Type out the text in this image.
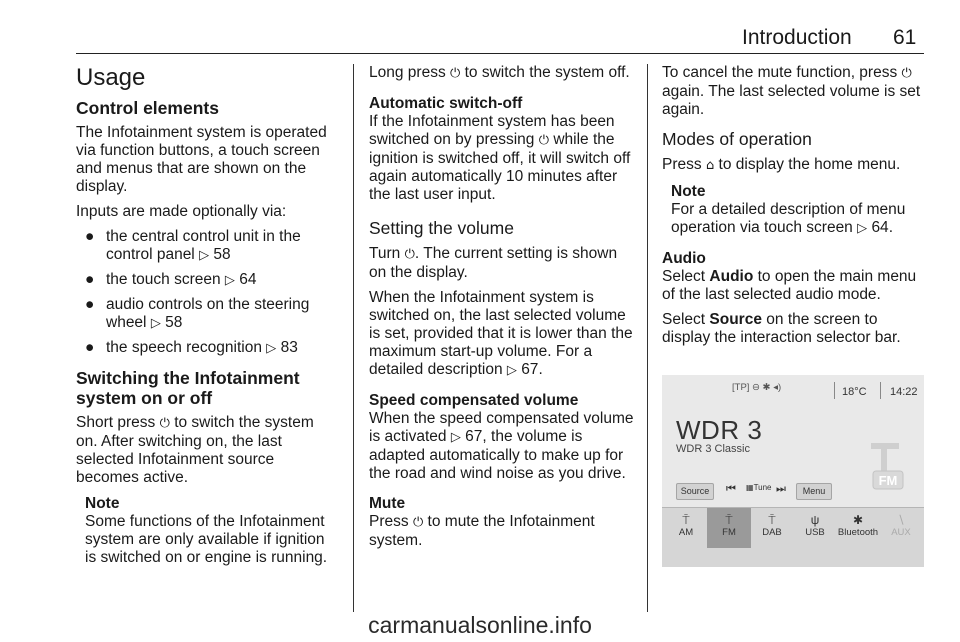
Introduction 61
Usage
Control elements

The Infotainment system is operated via function buttons, a touch screen and menus that are shown on the display.

Inputs are made optionally via:

● the central control unit in the control panel ▷ 58
● the touch screen ▷ 64
● audio controls on the steering wheel ▷ 58
● the speech recognition ▷ 83
Switching the Infotainment system on or off

Short press ⏻ to switch the system on. After switching on, the last selected Infotainment source becomes active.

Note
Some functions of the Infotainment system are only available if ignition is switched on or engine is running.

Long press ⏻ to switch the system off.

Automatic switch-off

If the Infotainment system has been switched on by pressing ⏻ while the ignition is switched off, it will switch off again automatically 10 minutes after the last user input.

Setting the volume

Turn ⏻. The current setting is shown on the display.

When the Infotainment system is switched on, the last selected volume is set, provided that it is lower than the maximum start-up volume. For a detailed description ▷ 67.

Speed compensated volume

When the speed compensated volume is activated ▷ 67, the volume is adapted automatically to make up for the road and wind noise as you drive.

Mute

Press ⏻ to mute the Infotainment system.

To cancel the mute function, press ⏻ again. The last selected volume is set again.

Modes of operation

Press ⌂ to display the home menu.

Note
For a detailed description of menu operation via touch screen ▷ 64.
Audio

Select Audio to open the main menu of the last selected audio mode.

Select Source on the screen to display the interaction selector bar.

[TP] ⊖ ✱ ◂)	18°C 14:22
WDR 3
WDR 3 Classic
FM
Source	⏮ ▦Tune ⏭	Menu
⍑
AM
⍑
FM
⍑
DAB
ψ
USB
✱
Bluetooth
∖
AUX
carmanualsonline.info
